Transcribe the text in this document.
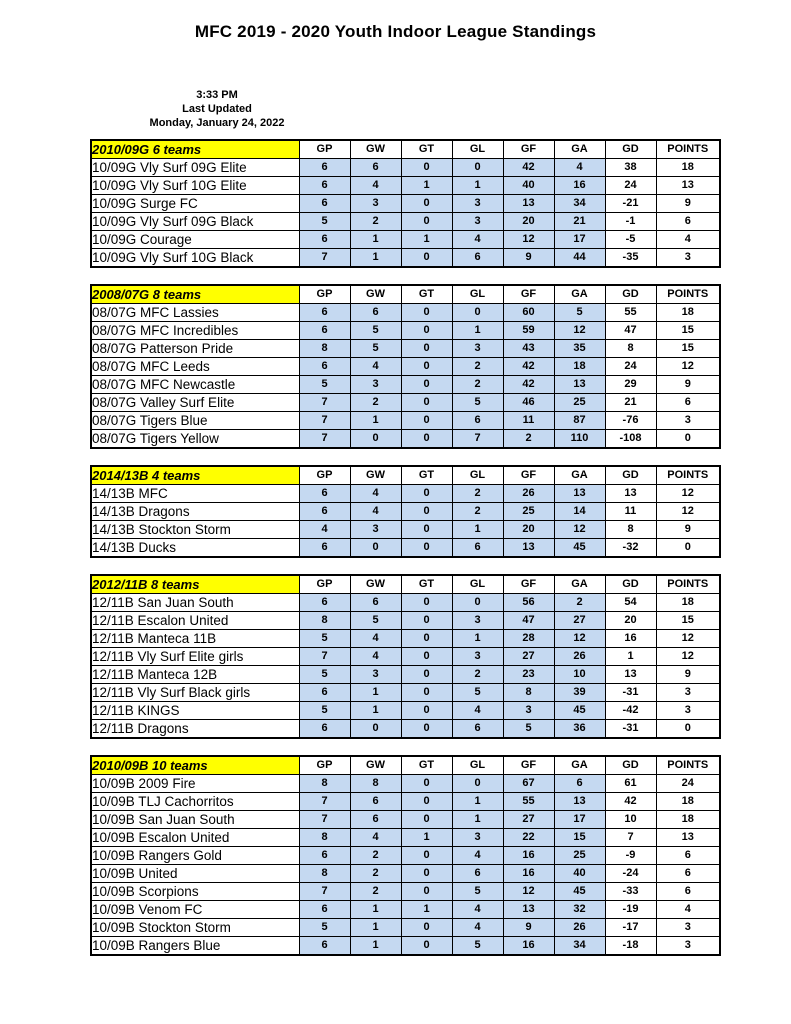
MFC 2019 - 2020 Youth Indoor League Standings
3:33 PM
Last Updated
Monday, January 24, 2022
2010/09G 6 teams	GP	GW	GT	GL	GF	GA	GD	POINTS
10/09G Vly Surf 09G Elite	6	6	0	0	42	4	38	18
10/09G Vly Surf 10G Elite	6	4	1	1	40	16	24	13
10/09G Surge FC	6	3	0	3	13	34	-21	9
10/09G Vly Surf 09G Black	5	2	0	3	20	21	-1	6
10/09G Courage	6	1	1	4	12	17	-5	4
10/09G Vly Surf 10G Black	7	1	0	6	9	44	-35	3
2008/07G 8 teams	GP	GW	GT	GL	GF	GA	GD	POINTS
08/07G MFC Lassies	6	6	0	0	60	5	55	18
08/07G MFC Incredibles	6	5	0	1	59	12	47	15
08/07G Patterson Pride	8	5	0	3	43	35	8	15
08/07G MFC Leeds	6	4	0	2	42	18	24	12
08/07G MFC Newcastle	5	3	0	2	42	13	29	9
08/07G Valley Surf Elite	7	2	0	5	46	25	21	6
08/07G Tigers Blue	7	1	0	6	11	87	-76	3
08/07G Tigers Yellow	7	0	0	7	2	110	-108	0
2014/13B 4 teams	GP	GW	GT	GL	GF	GA	GD	POINTS
14/13B MFC	6	4	0	2	26	13	13	12
14/13B Dragons	6	4	0	2	25	14	11	12
14/13B Stockton Storm	4	3	0	1	20	12	8	9
14/13B Ducks	6	0	0	6	13	45	-32	0
2012/11B 8 teams	GP	GW	GT	GL	GF	GA	GD	POINTS
12/11B San Juan South	6	6	0	0	56	2	54	18
12/11B Escalon United	8	5	0	3	47	27	20	15
12/11B Manteca 11B	5	4	0	1	28	12	16	12
12/11B Vly Surf Elite girls	7	4	0	3	27	26	1	12
12/11B Manteca 12B	5	3	0	2	23	10	13	9
12/11B Vly Surf Black girls	6	1	0	5	8	39	-31	3
12/11B KINGS	5	1	0	4	3	45	-42	3
12/11B Dragons	6	0	0	6	5	36	-31	0
2010/09B 10 teams	GP	GW	GT	GL	GF	GA	GD	POINTS
10/09B 2009 Fire	8	8	0	0	67	6	61	24
10/09B TLJ Cachorritos	7	6	0	1	55	13	42	18
10/09B San Juan South	7	6	0	1	27	17	10	18
10/09B Escalon United	8	4	1	3	22	15	7	13
10/09B Rangers Gold	6	2	0	4	16	25	-9	6
10/09B United	8	2	0	6	16	40	-24	6
10/09B Scorpions	7	2	0	5	12	45	-33	6
10/09B Venom FC	6	1	1	4	13	32	-19	4
10/09B Stockton Storm	5	1	0	4	9	26	-17	3
10/09B Rangers Blue	6	1	0	5	16	34	-18	3
